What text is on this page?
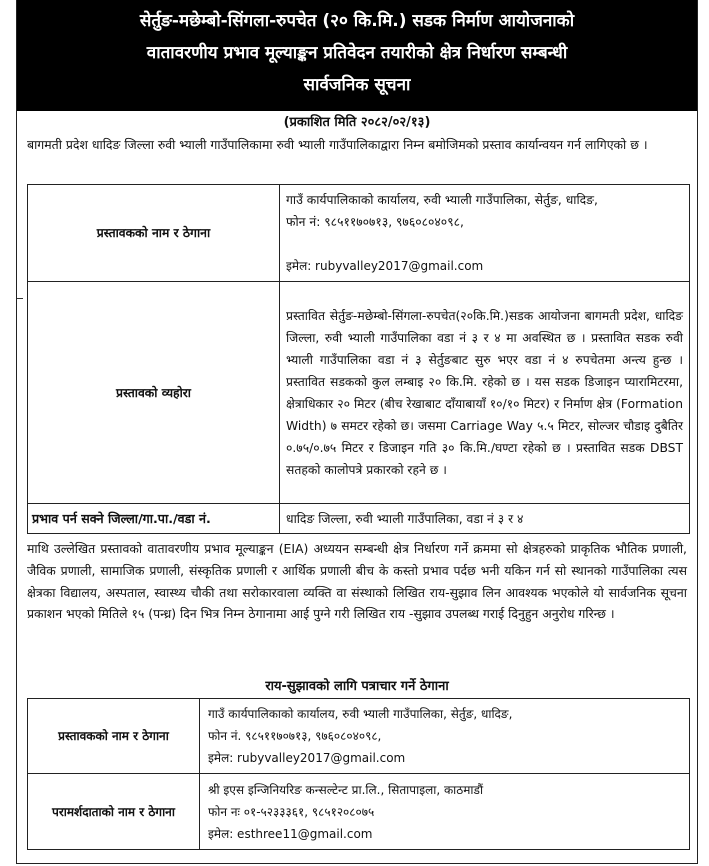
सेर्तुङ-मछेम्बो-सिंगला-रुपचेत (२० कि.मि.) सडक निर्माण आयोजनाको
वातावरणीय प्रभाव मूल्याङ्कन प्रतिवेदन तयारीको क्षेत्र निर्धारण सम्बन्धी
सार्वजनिक सूचना
(प्रकाशित मिति २०८२/०२/१३)
बागमती प्रदेश धादिङ जिल्ला रुवी भ्याली गाउँपालिकामा रुवी भ्याली गाउँपालिकाद्वारा निम्न बमोजिमको प्रस्ताव कार्यान्वयन गर्न लागिएको छ ।
प्रस्तावकको नाम र ठेगाना	गाउँ कार्यपालिकाको कार्यालय, रुवी भ्याली गाउँपालिका, सेर्तुङ, धादिङ,
फोन नं: ९८५११७०७१३, ९७६०८०४०९८,
इमेल: rubyvalley2017@gmail.com

प्रस्तावको व्यहोरा	प्रस्तावित सेर्तुङ-मछेम्बो-सिंगला-रुपचेत(२०कि.मि.)सडक आयोजना बागमती प्रदेश, धादिङ जिल्ला, रुवी भ्याली गाउँपालिका वडा नं ३ र ४ मा अवस्थित छ । प्रस्तावित सडक रुवी भ्याली गाउँपालिका वडा नं ३ सेर्तुङबाट सुरु भएर वडा नं ४ रुपचेतमा अन्त्य हुन्छ । प्रस्तावित सडकको कुल लम्बाइ २० कि.मि. रहेको छ । यस सडक डिजाइन प्यारामिटरमा, क्षेत्राधिकार २० मिटर (बीच रेखाबाट दाँयाबायाँ १०/१० मिटर) र निर्माण क्षेत्र (Formation Width) ७ समटर रहेको छ। जसमा Carriage Way ५.५ मिटर, सोल्जर चौडाइ दुबैतिर ०.७५/०.७५ मिटर र डिजाइन गति ३० कि.मि./घण्टा रहेको छ । प्रस्तावित सडक DBST सतहको कालोपत्रे प्रकारको रहने छ ।
प्रभाव पर्न सक्ने जिल्ला/गा.पा./वडा नं.	धादिङ जिल्ला, रुवी भ्याली गाउँपालिका, वडा नं ३ र ४
माथि उल्लेखित प्रस्तावको वातावरणीय प्रभाव मूल्याङ्कन (EIA) अध्ययन सम्बन्धी क्षेत्र निर्धारण गर्ने क्रममा सो क्षेत्रहरुको प्राकृतिक भौतिक प्रणाली, जैविक प्रणाली, सामाजिक प्रणाली, संस्कृतिक प्रणाली र आर्थिक प्रणाली बीच के कस्तो प्रभाव पर्दछ भनी यकिन गर्न सो स्थानको गाउँपालिका त्यस क्षेत्रका विद्यालय, अस्पताल, स्वास्थ्य चौकी तथा सरोकारवाला व्यक्ति वा संस्थाको लिखित राय-सुझाव लिन आवश्यक भएकोले यो सार्वजनिक सूचना प्रकाशन भएको मितिले १५ (पन्ध्र) दिन भित्र निम्न ठेगानामा आई पुग्ने गरी लिखित राय -सुझाव उपलब्ध गराई दिनुहुन अनुरोध गरिन्छ ।
राय-सुझावको लागि पत्राचार गर्ने ठेगाना
प्रस्तावकको नाम र ठेगाना	गाउँ कार्यपालिकाको कार्यालय, रुवी भ्याली गाउँपालिका, सेर्तुङ, धादिङ,
फोन नं. ९८५११७०७१३, ९७६०८०४०९८,
इमेल: rubyvalley2017@gmail.com

परामर्शदाताको नाम र ठेगाना	श्री इएस इन्जिनियरिङ कन्सल्टेन्ट प्रा.लि., सितापाइला, काठमाडौं
फोन नः ०१-५२३३३६१, ९८५१२०८०७५
इमेल: esthree11@gmail.com
